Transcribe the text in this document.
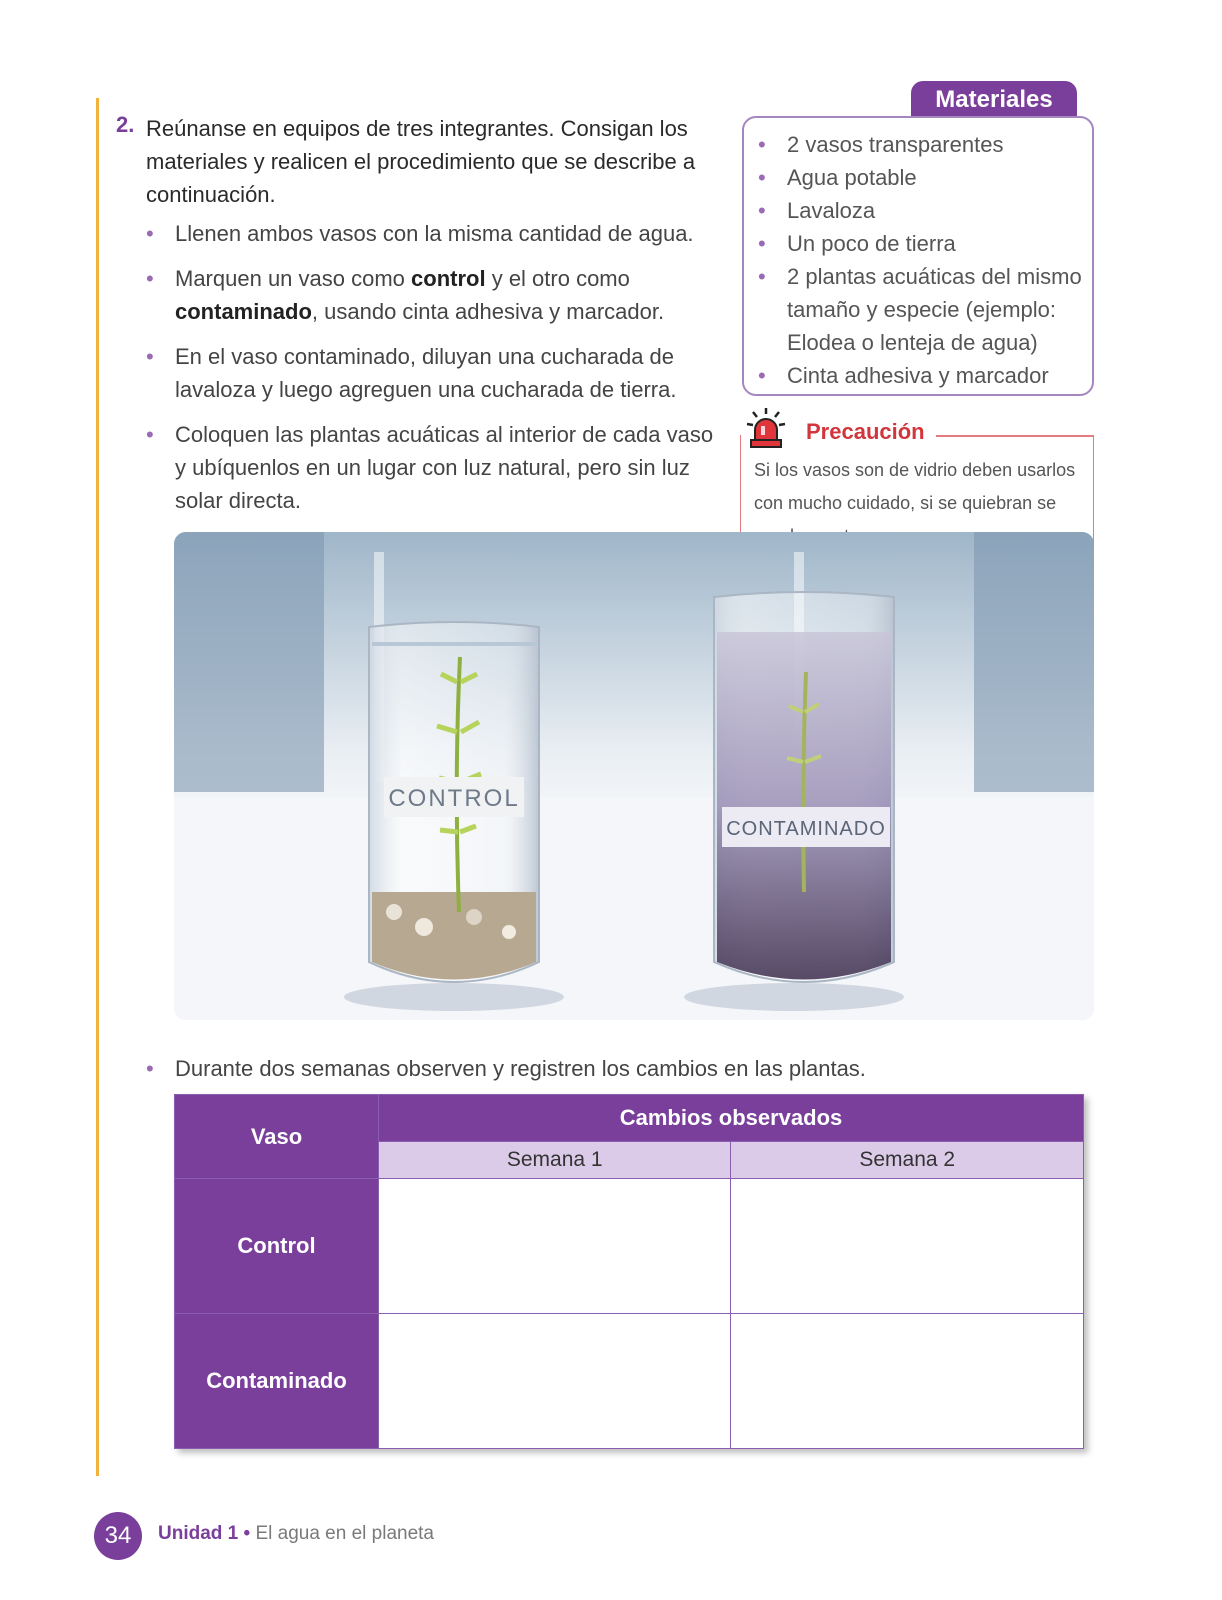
2. Reúnanse en equipos de tres integrantes. Consigan los materiales y realicen el procedimiento que se describe a continuación.
• Llenen ambos vasos con la misma cantidad de agua.
• Marquen un vaso como control y el otro como contaminado, usando cinta adhesiva y marcador.
• En el vaso contaminado, diluyan una cucharada de lavaloza y luego agreguen una cucharada de tierra.
• Coloquen las plantas acuáticas al interior de cada vaso y ubíquenlos en un lugar con luz natural, pero sin luz solar directa.
Materiales
• 2 vasos transparentes
• Agua potable
• Lavaloza
• Un poco de tierra
• 2 plantas acuáticas del mismo tamaño y especie (ejemplo: Elodea o lenteja de agua)
• Cinta adhesiva y marcador
Precaución
Si los vasos son de vidrio deben usarlos con mucho cuidado, si se quiebran se
CONTROL
CONTAMINADO
• Durante dos semanas observen y registren los cambios en las plantas.
Vaso	Cambios observados	
	Semana 1	Semana 2
Control		
Contaminado		
34	Unidad 1 • El agua en el planeta
